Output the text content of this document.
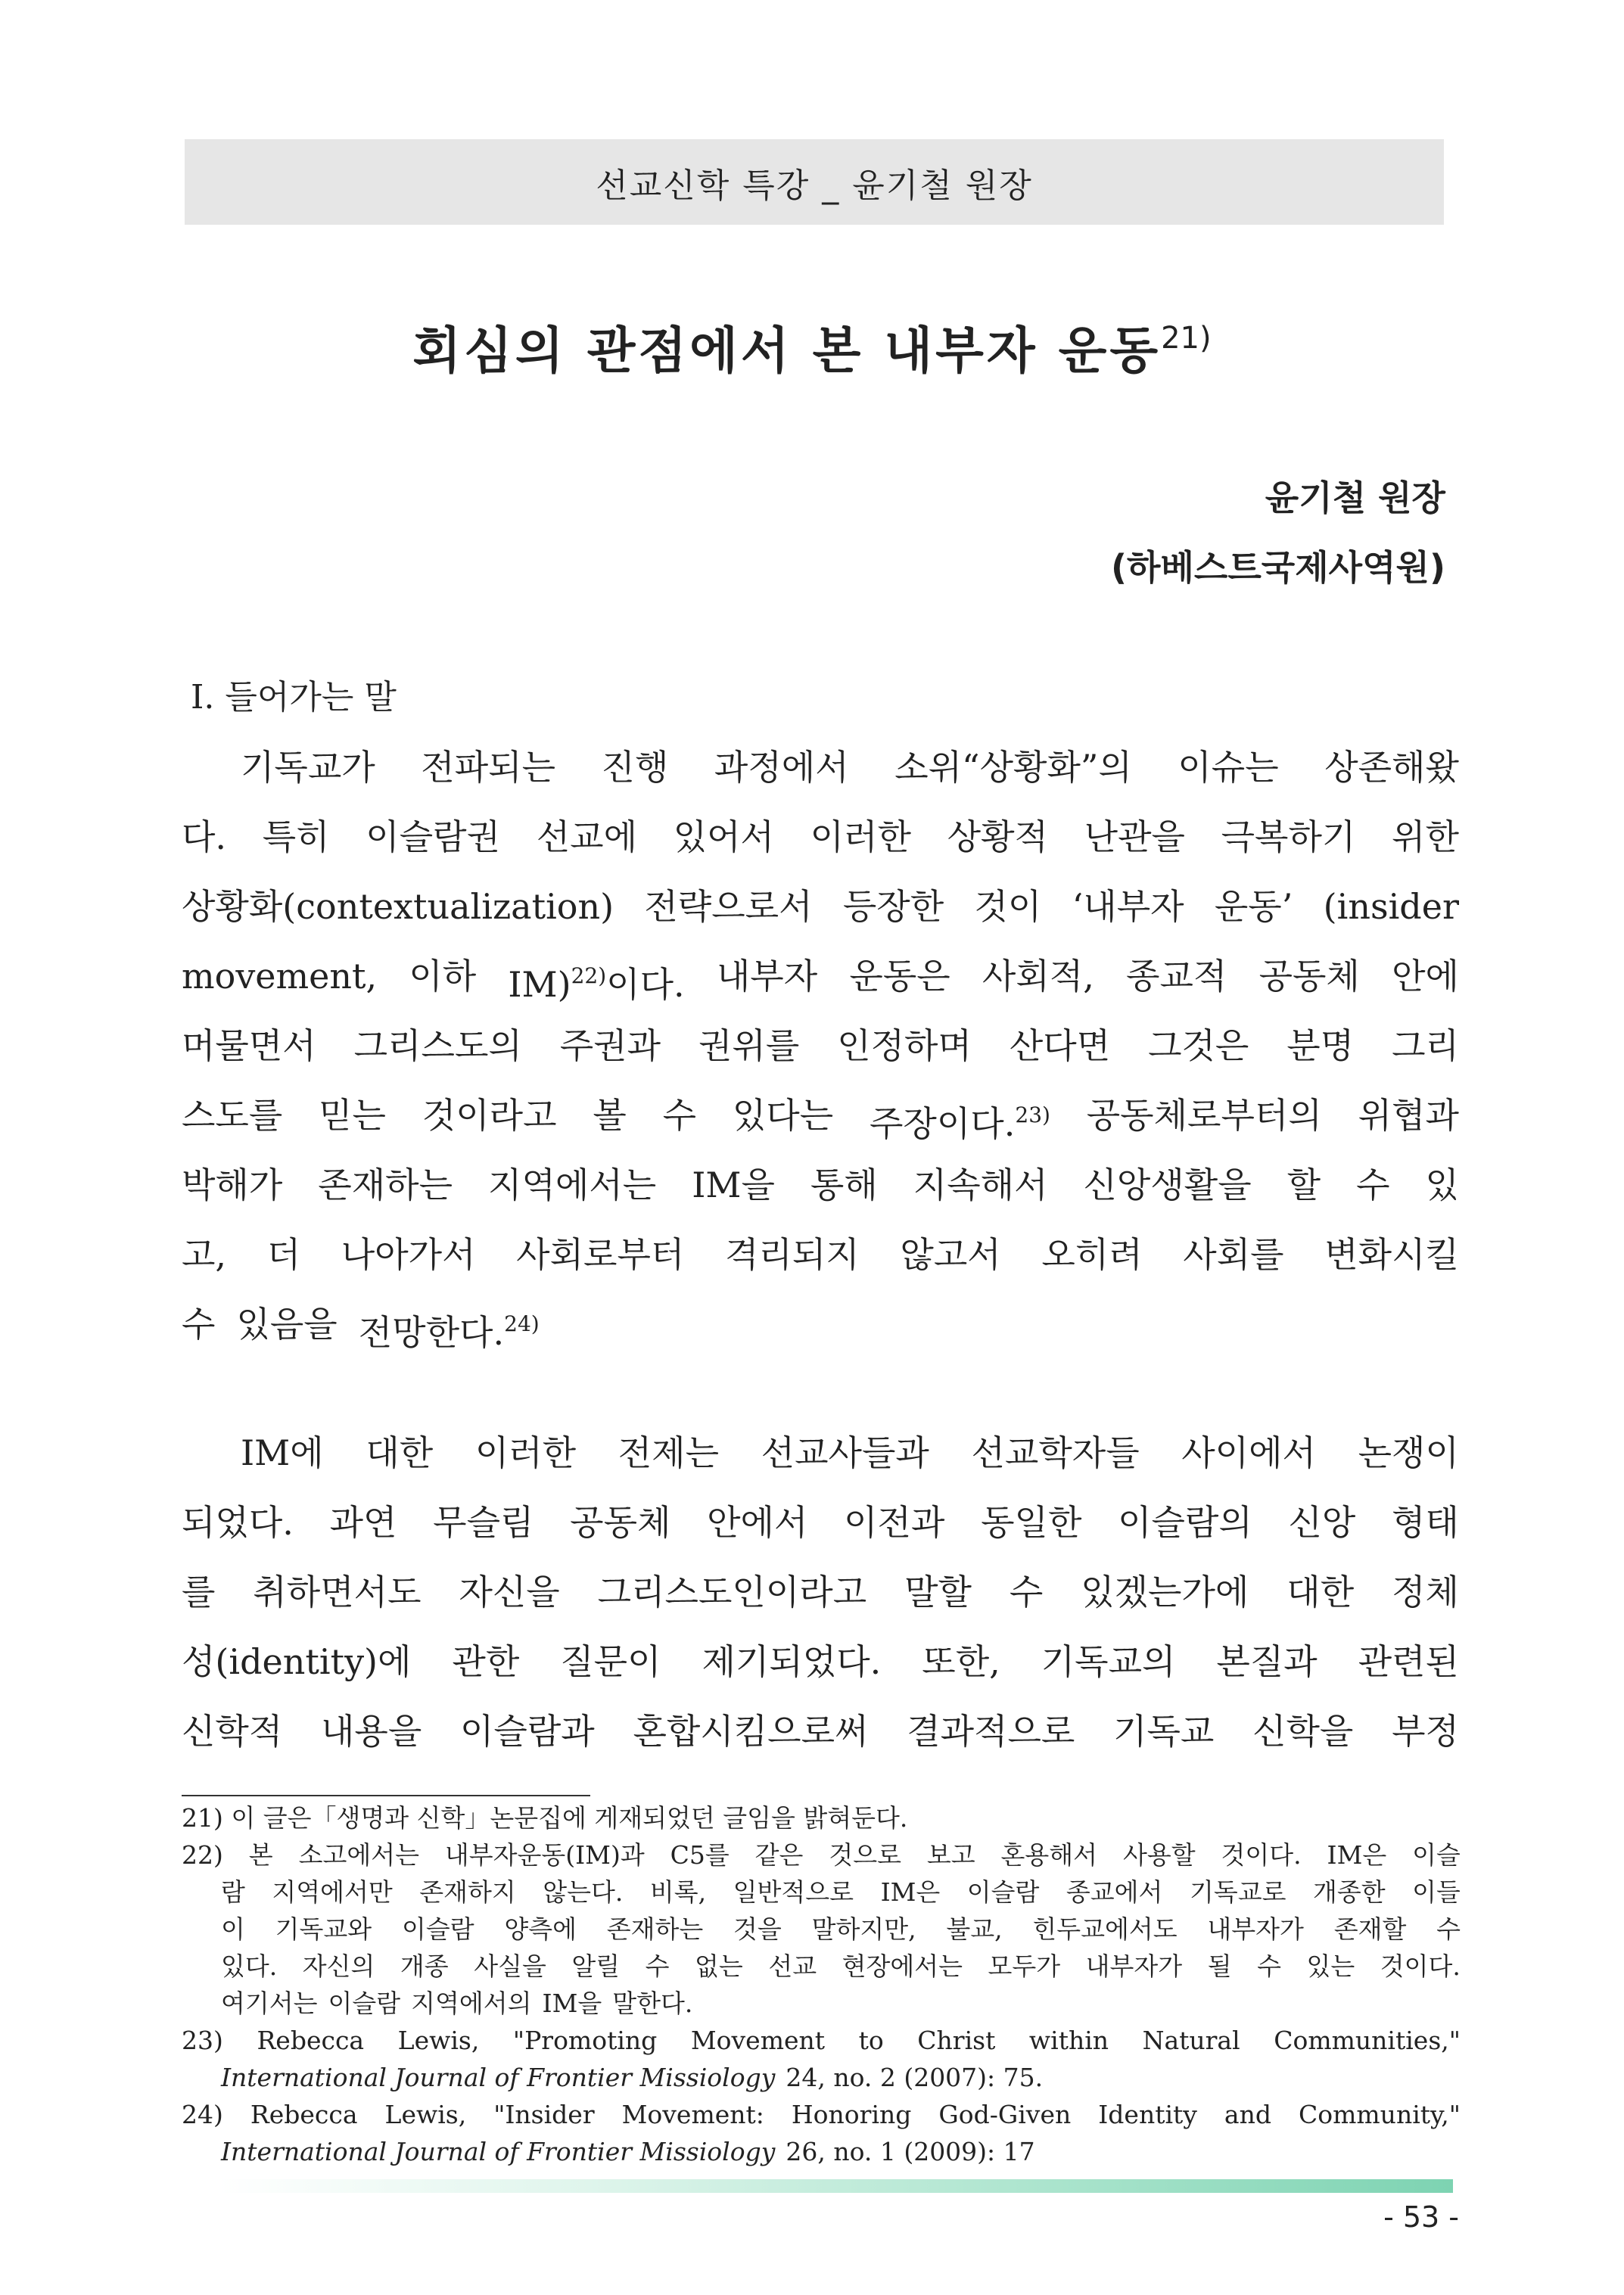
선교신학 특강 _ 윤기철 원장
회심의 관점에서 본 내부자 운동$^{21)}$
윤기철 원장
(하베스트국제사역원)
Ⅰ. 들어가는 말
기독교가 전파되는 진행 과정에서 소위“상황화”의 이슈는 상존해왔
다. 특히 이슬람권 선교에 있어서 이러한 상황적 난관을 극복하기 위한
상황화(contextualization) 전략으로서 등장한 것이 ‘내부자 운동’ (insider
movement, 이하 IM)$^{22)}$이다. 내부자 운동은 사회적, 종교적 공동체 안에
머물면서 그리스도의 주권과 권위를 인정하며 산다면 그것은 분명 그리
스도를 믿는 것이라고 볼 수 있다는 주장이다.$^{23)}$ 공동체로부터의 위협과
박해가 존재하는 지역에서는 IM을 통해 지속해서 신앙생활을 할 수 있
고, 더 나아가서 사회로부터 격리되지 않고서 오히려 사회를 변화시킬
수 있음을 전망한다.$^{24)}$
IM에 대한 이러한 전제는 선교사들과 선교학자들 사이에서 논쟁이
되었다. 과연 무슬림 공동체 안에서 이전과 동일한 이슬람의 신앙 형태
를 취하면서도 자신을 그리스도인이라고 말할 수 있겠는가에 대한 정체
성(identity)에 관한 질문이 제기되었다. 또한, 기독교의 본질과 관련된
신학적 내용을 이슬람과 혼합시킴으로써 결과적으로 기독교 신학을 부정
21) 이 글은「생명과 신학」논문집에 게재되었던 글임을 밝혀둔다.
22) 본 소고에서는 내부자운동(IM)과 C5를 같은 것으로 보고 혼용해서 사용할 것이다. IM은 이슬
람 지역에서만 존재하지 않는다. 비록, 일반적으로 IM은 이슬람 종교에서 기독교로 개종한 이들
이 기독교와 이슬람 양측에 존재하는 것을 말하지만, 불교, 힌두교에서도 내부자가 존재할 수
있다. 자신의 개종 사실을 알릴 수 없는 선교 현장에서는 모두가 내부자가 될 수 있는 것이다.
여기서는 이슬람 지역에서의 IM을 말한다.
23) Rebecca Lewis, "Promoting Movement to Christ within Natural Communities,"
International Journal of Frontier Missiology 24, no. 2 (2007): 75.
24) Rebecca Lewis, "Insider Movement: Honoring God-Given Identity and Community,"
International Journal of Frontier Missiology 26, no. 1 (2009): 17
- 53 -
